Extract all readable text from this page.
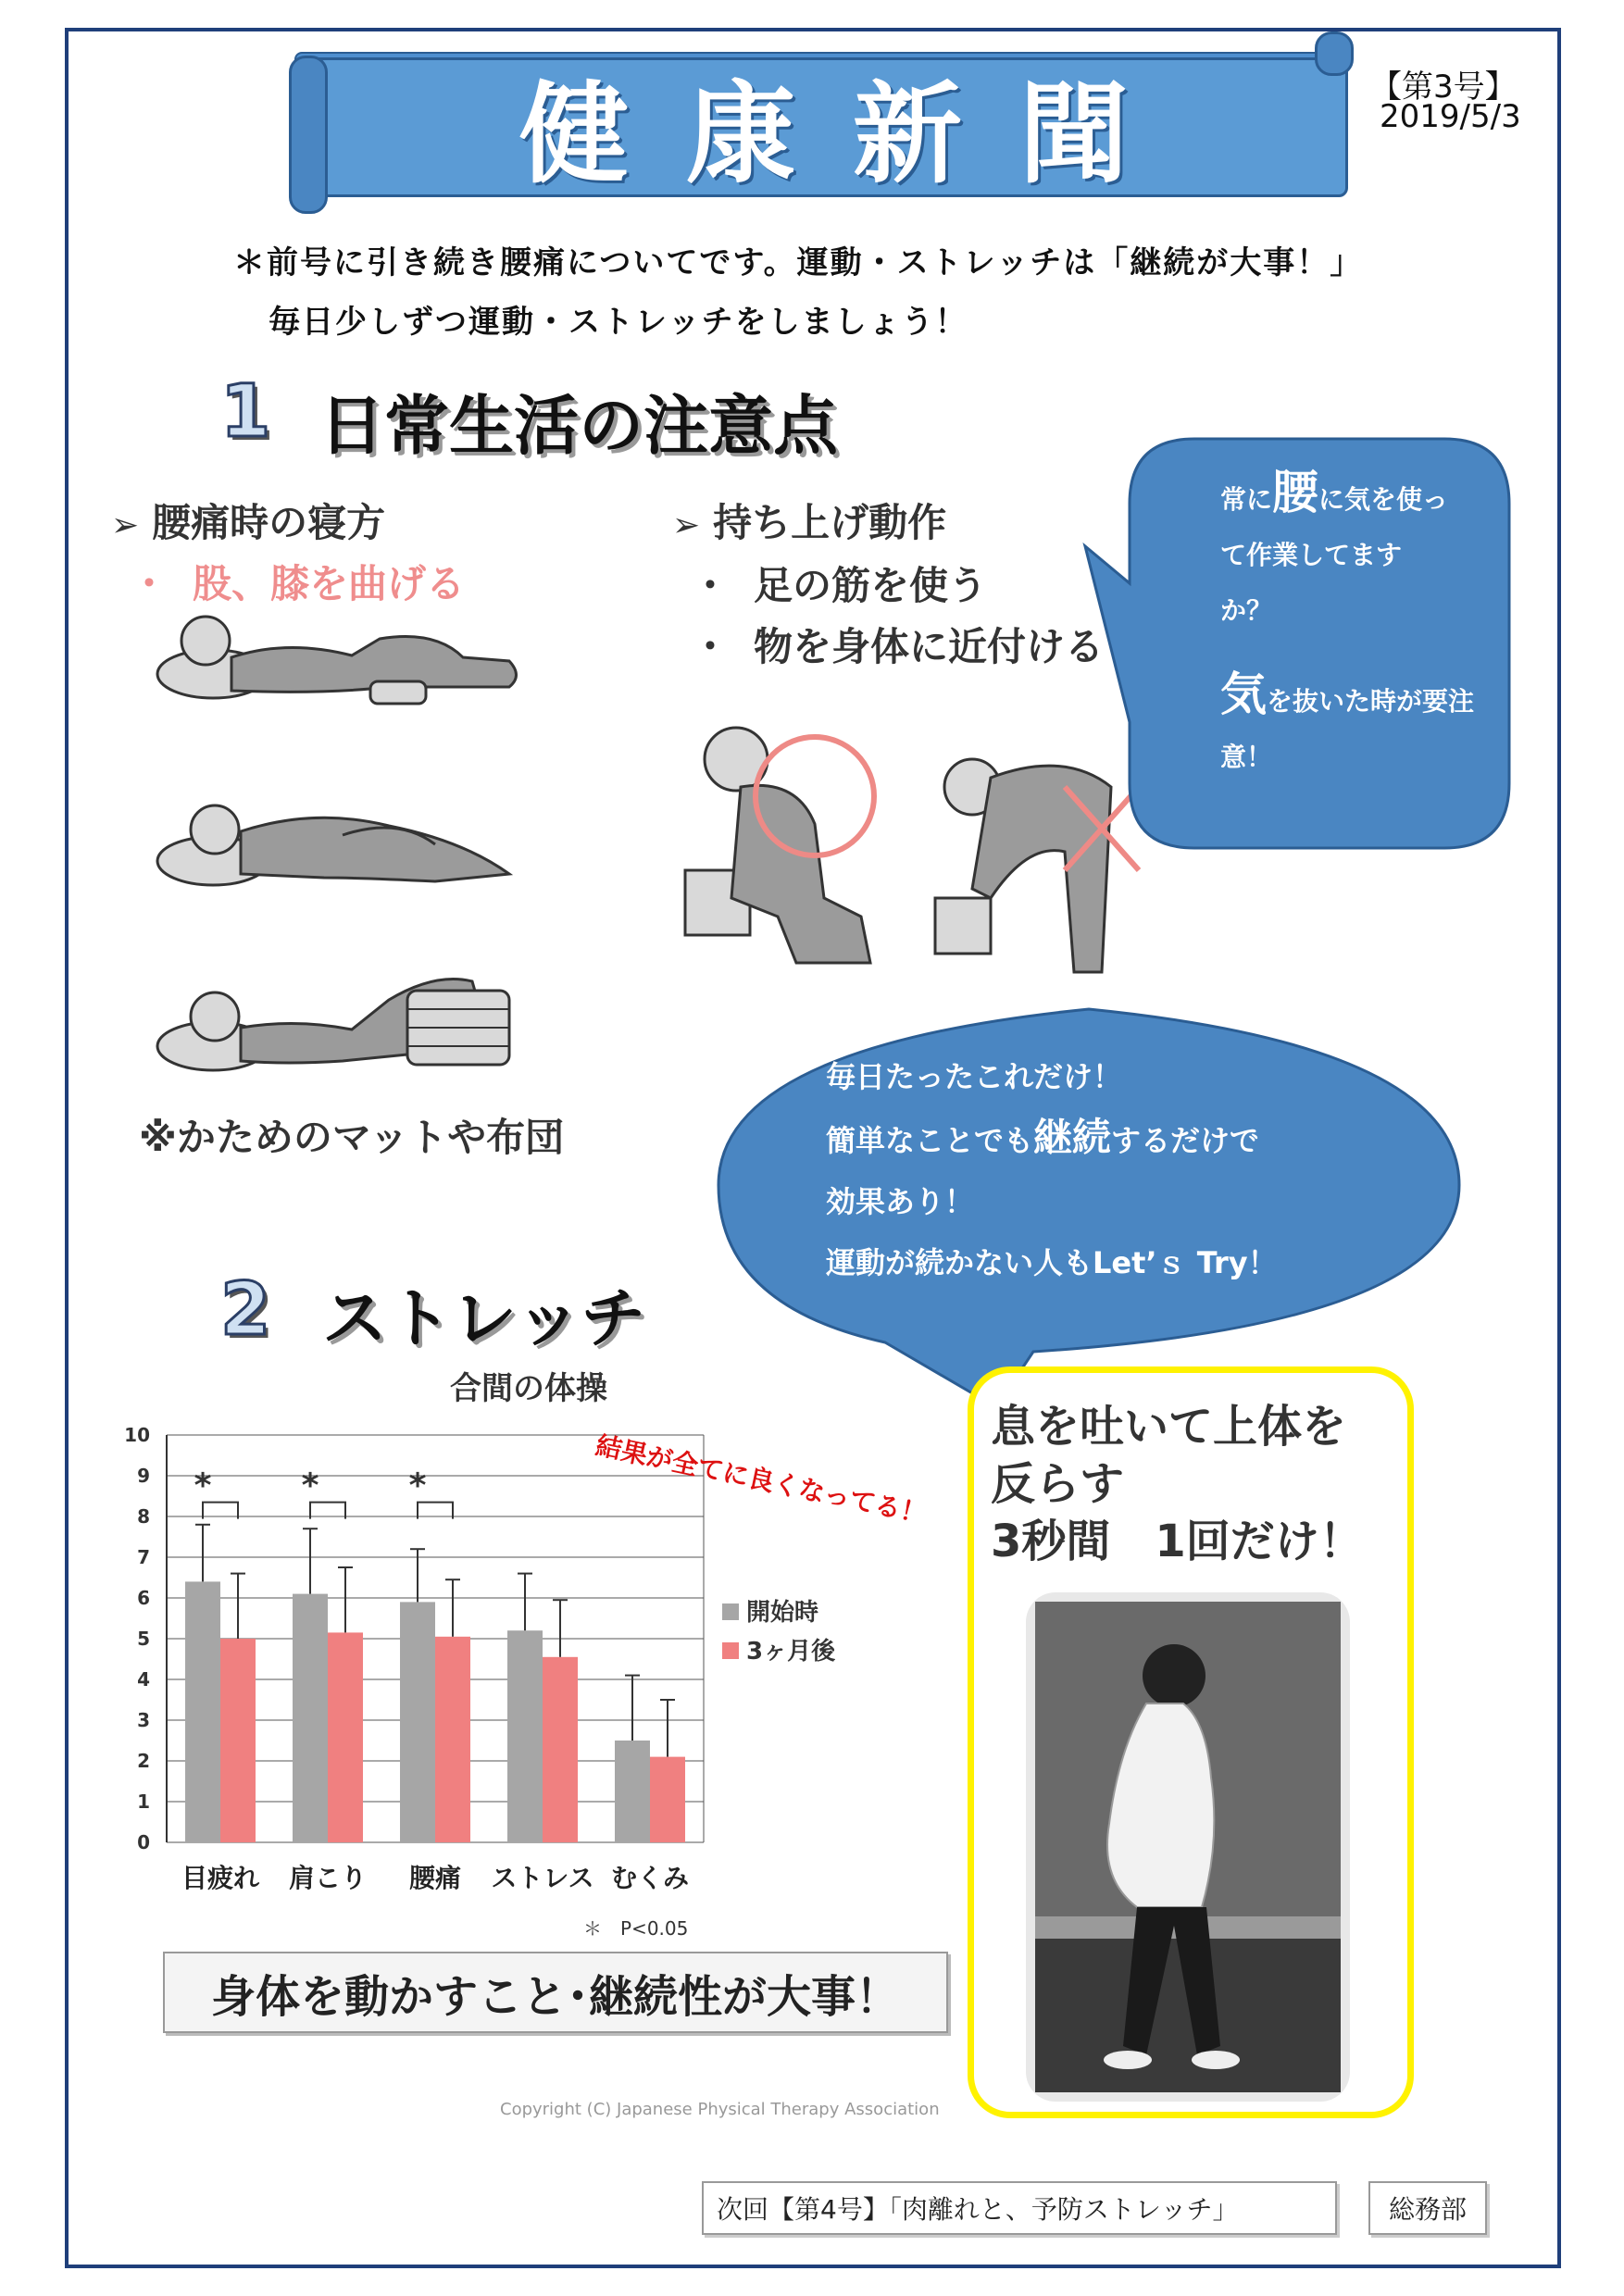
健康新聞	【第3号】
2019/5/3
＊前号に引き続き腰痛についてです。運動・ストレッチは「継続が大事！」
毎日少しずつ運動・ストレッチをしましょう！
1 日常生活の注意点
➢ 腰痛時の寝方
・ 股、膝を曲げる
※かためのマットや布団
➢ 持ち上げ動作
・ 足の筋を使う
・ 物を身体に近付ける
常に腰に気を使っ
て作業してます
か？
気を抜いた時が要注
意！
毎日たったこれだけ！
簡単なことでも継続するだけで
効果あり！
運動が続かない人もLet’ｓ Try！
2 ストレッチ
合間の体操
0
1
2
3
4
5
6
7
8
9
10
目疲れ
*
肩こり
*
腰痛
*
ストレス むくみ
開始時
3ヶ月後
＊　P<0.05
結果が全てに良くなってる！
身体を動かすこと･継続性が大事！
Copyright (C) Japanese Physical Therapy Association
息を吐いて上体を
反らす
3秒間　1回だけ！
次回【第4号】「肉離れと、予防ストレッチ」	総務部
